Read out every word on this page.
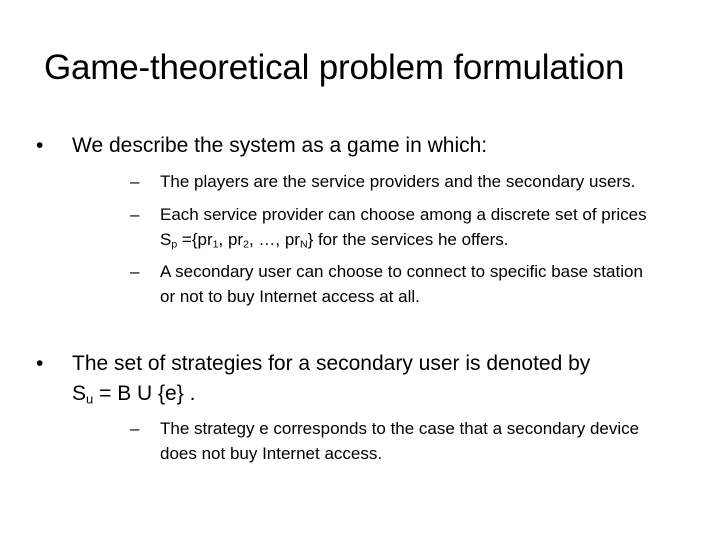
Game-theoretical problem formulation
•	We describe the system as a game in which:
–	The players are the service providers and the secondary users.
–	Each service provider can choose among a discrete set of prices
$S_p =\{pr_1$, $pr_2$, …, $pr_N$} for the services he offers.
–	A secondary user can choose to connect to specific base station
or not to buy Internet access at all.
•	The set of strategies for a secondary user is denoted by
$S_u = B$ U {e} .
–	The strategy e corresponds to the case that a secondary device
does not buy Internet access.
